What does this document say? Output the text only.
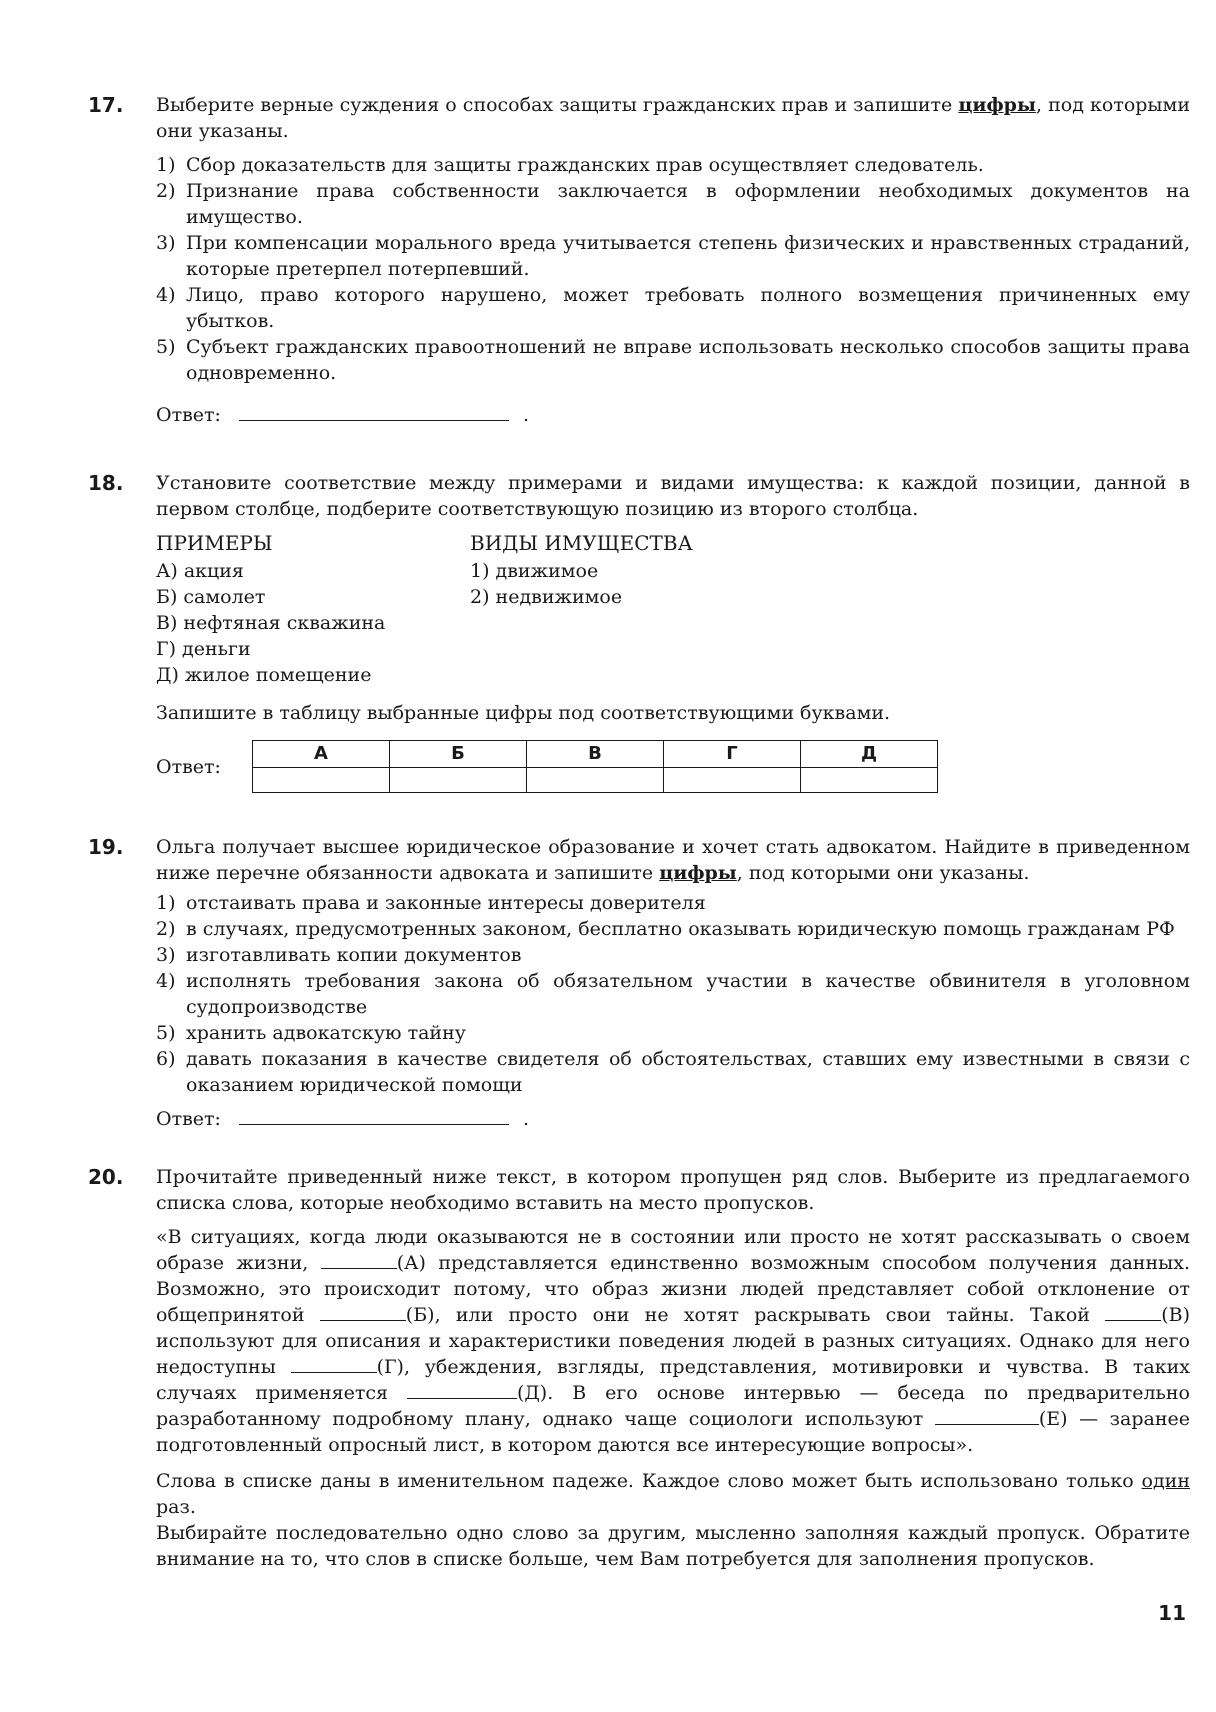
17.	Выберите верные суждения о способах защиты гражданских прав и запишите цифры, под которыми они указаны.

1) Сбор доказательств для защиты гражданских прав осуществляет следователь.
2) Признание права собственности заключается в оформлении необходимых документов на имущество.
3) При компенсации морального вреда учитывается степень физических и нравственных страданий, которые претерпел потерпевший.
4) Лицо, право которого нарушено, может требовать полного возмещения причиненных ему убытков.
5) Субъект гражданских правоотношений не вправе использовать несколько способов защиты права одновременно.
Ответ:	.
18.	Установите соответствие между примерами и видами имущества: к каждой позиции, данной в первом столбце, подберите соответствующую позицию из второго столбца.

ПРИМЕРЫ
А) акция
Б) самолет
В) нефтяная скважина
Г) деньги
Д) жилое помещение
ВИДЫ ИМУЩЕСТВА
1) движимое
2) недвижимое

Запишите в таблицу выбранные цифры под соответствующими буквами.

Ответ:
А	Б	В	Г	Д

19.	Ольга получает высшее юридическое образование и хочет стать адвокатом. Найдите в приведенном ниже перечне обязанности адвоката и запишите цифры, под которыми они указаны.

1) отстаивать права и законные интересы доверителя
2) в случаях, предусмотренных законом, бесплатно оказывать юридическую помощь гражданам РФ
3) изготавливать копии документов
4) исполнять требования закона об обязательном участии в качестве обвинителя в уголовном судопроизводстве
5) хранить адвокатскую тайну
6) давать показания в качестве свидетеля об обстоятельствах, ставших ему известными в связи с оказанием юридической помощи
Ответ:	.
20.	Прочитайте приведенный ниже текст, в котором пропущен ряд слов. Выберите из предлагаемого списка слова, которые необходимо вставить на место пропусков.

«В ситуациях, когда люди оказываются не в состоянии или просто не хотят рассказывать о своем образе жизни,	(А) представляется единственно возможным способом получения данных. Возможно, это происходит потому, что образ жизни людей представляет собой отклонение от общепринятой	(Б), или просто они не хотят раскрывать свои тайны. Такой	(В) используют для описания и характеристики поведения людей в разных ситуациях. Однако для него недоступны	(Г), убеждения, взгляды, представления, мотивировки и чувства. В таких случаях применяется	(Д). В его основе интервью — беседа по предварительно разработанному подробному плану, однако чаще социологи используют	(Е) — заранее подготовленный опросный лист, в котором даются все интересующие вопросы».

Слова в списке даны в именительном падеже. Каждое слово может быть использовано только один раз.

Выбирайте последовательно одно слово за другим, мысленно заполняя каждый пропуск. Обратите внимание на то, что слов в списке больше, чем Вам потребуется для заполнения пропусков.

11
